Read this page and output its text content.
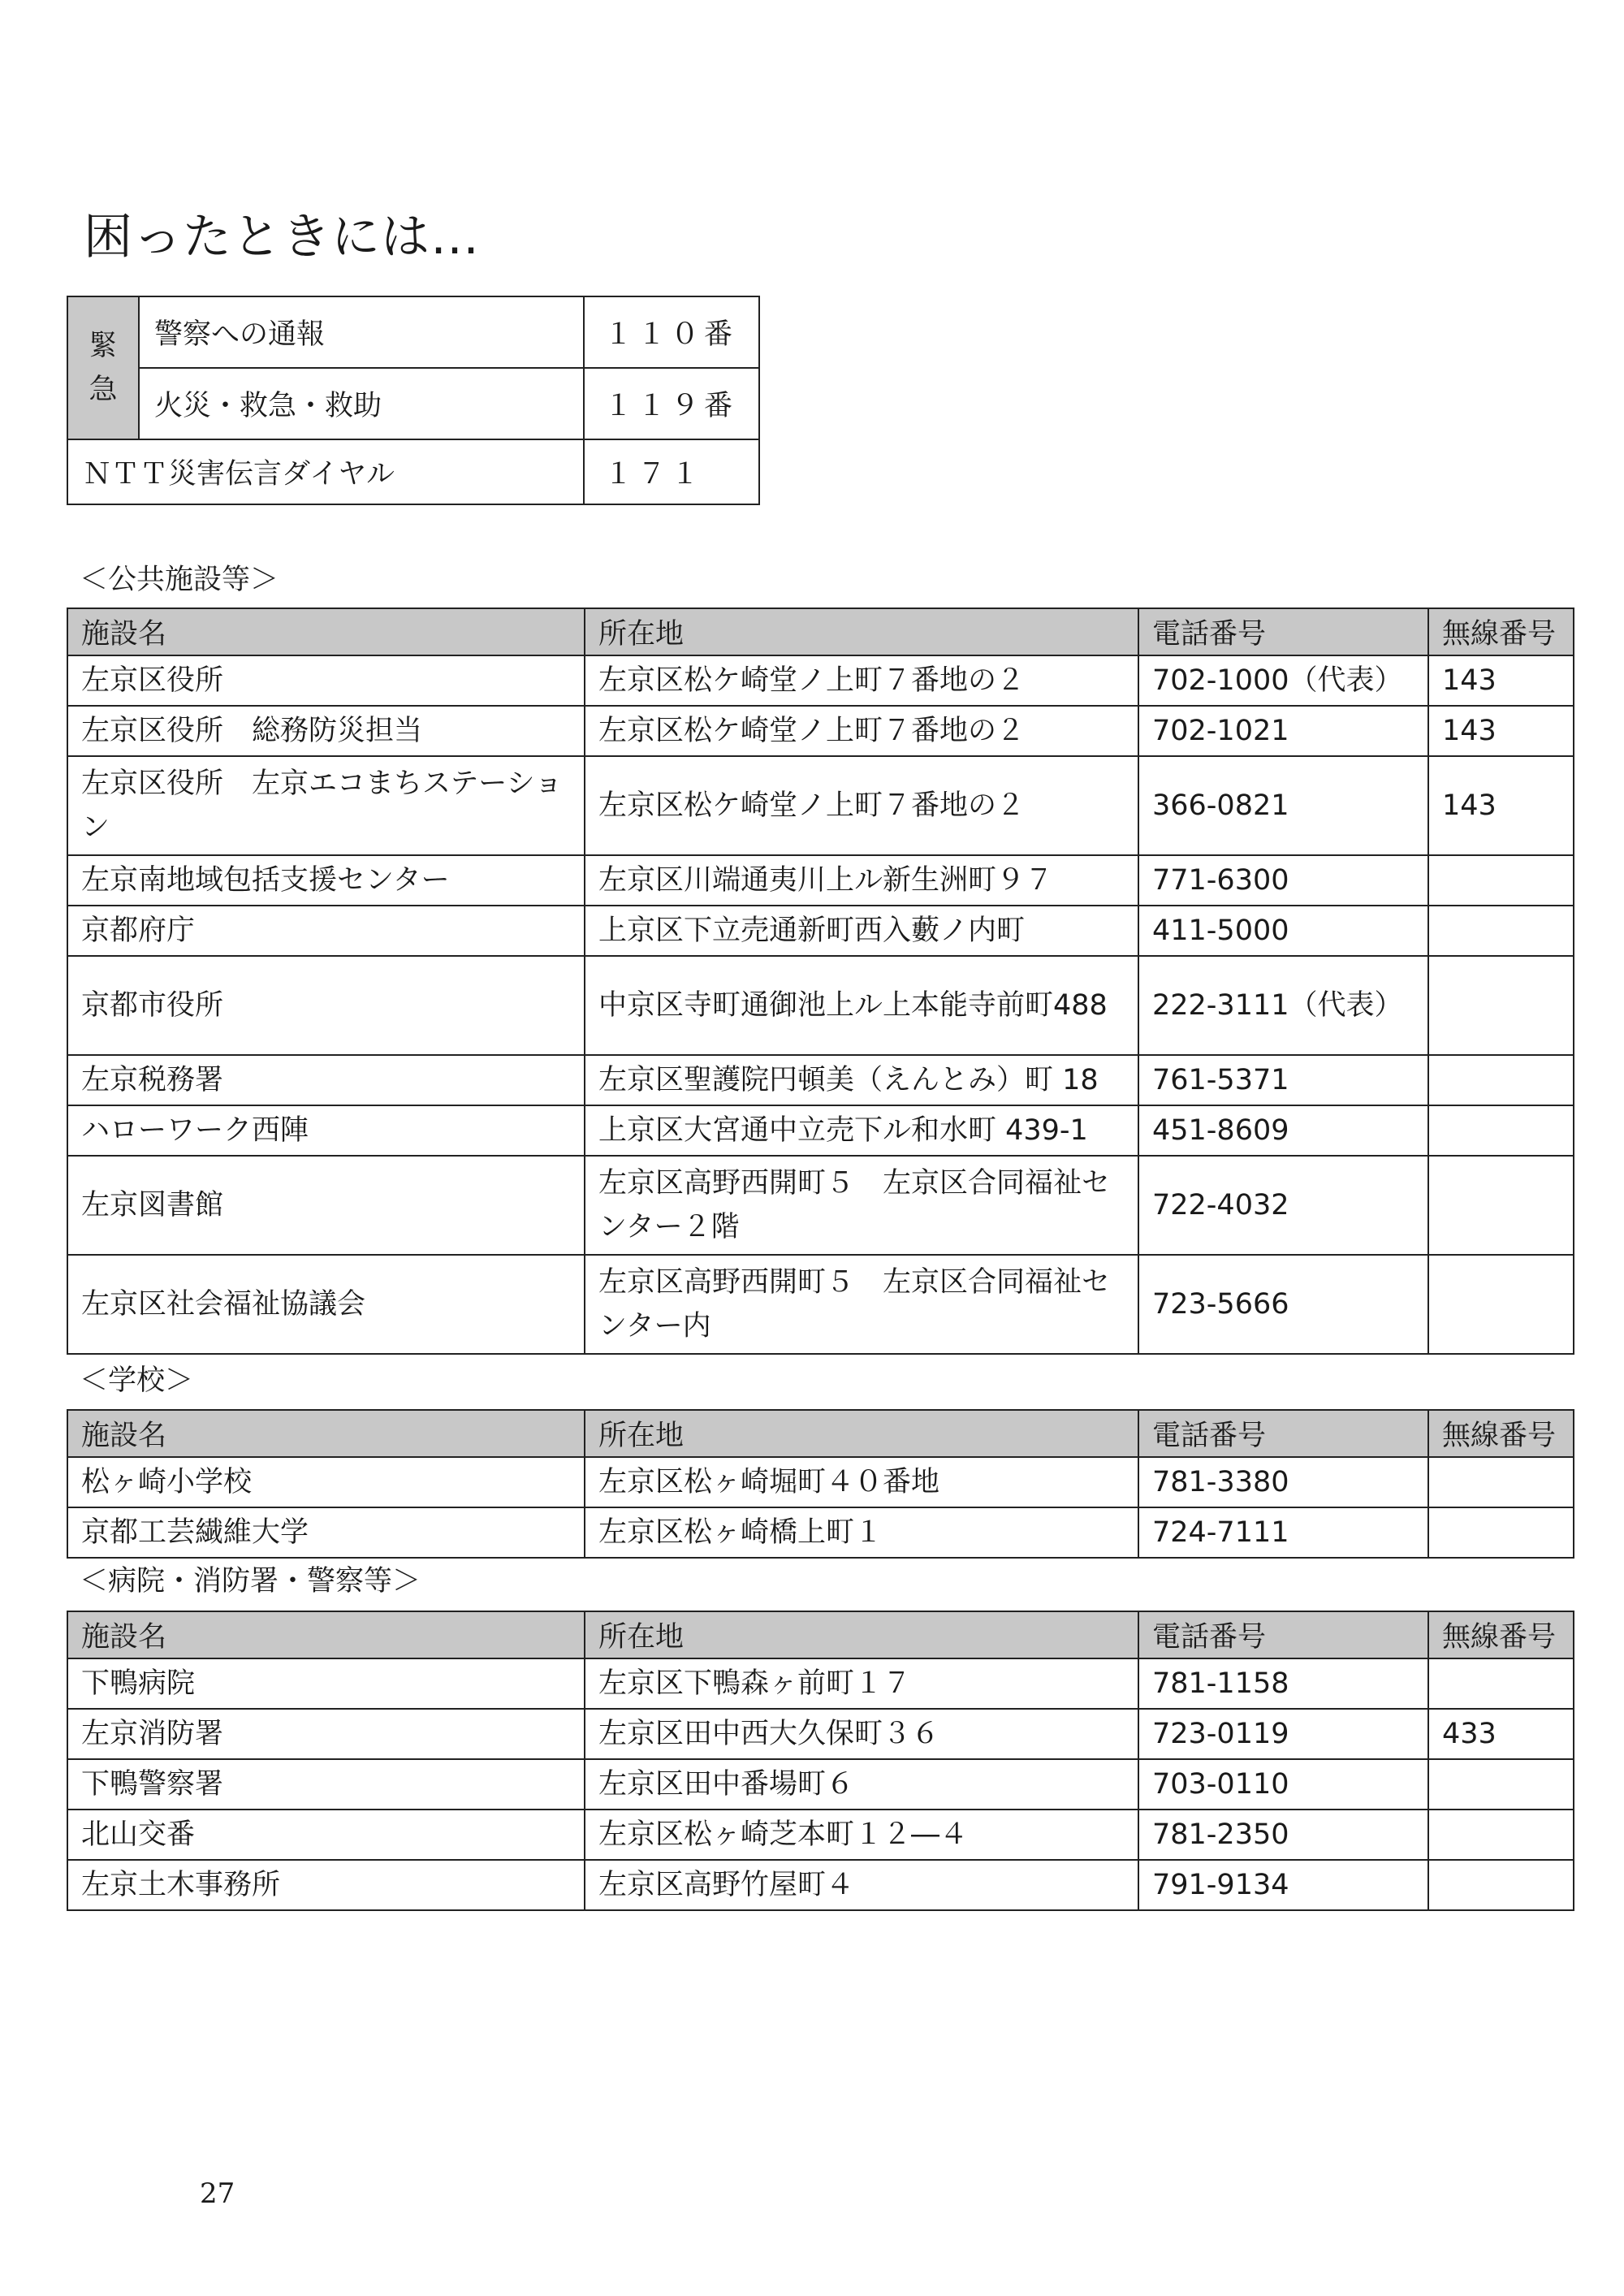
困ったときには…
緊
急	警察への通報	１１０番
	火災・救急・救助	１１９番
ＮＴＴ災害伝言ダイヤル		１７１
＜公共施設等＞
施設名	所在地	電話番号	無線番号
左京区役所	左京区松ケ崎堂ノ上町７番地の２	702-1000（代表）	143
左京区役所　総務防災担当	左京区松ケ崎堂ノ上町７番地の２	702-1021	143
左京区役所　左京エコまちステーション	左京区松ケ崎堂ノ上町７番地の２	366-0821	143
左京南地域包括支援センター	左京区川端通夷川上ル新生洲町９７	771-6300	
京都府庁	上京区下立売通新町西入藪ノ内町	411-5000	
京都市役所	中京区寺町通御池上ル上本能寺前町488	222-3111（代表）	
左京税務署	左京区聖護院円頓美（えんとみ）町 18	761-5371	
ハローワーク西陣	上京区大宮通中立売下ル和水町 439-1	451-8609	
左京図書館	左京区高野西開町５　左京区合同福祉センター２階	722-4032	
左京区社会福祉協議会	左京区高野西開町５　左京区合同福祉センター内	723-5666	
＜学校＞
施設名	所在地	電話番号	無線番号
松ヶ崎小学校	左京区松ヶ崎堀町４０番地	781-3380	
京都工芸繊維大学	左京区松ヶ崎橋上町１	724-7111	
＜病院・消防署・警察等＞
施設名	所在地	電話番号	無線番号
下鴨病院	左京区下鴨森ヶ前町１７	781-1158	
左京消防署	左京区田中西大久保町３６	723-0119	433
下鴨警察署	左京区田中番場町６	703-0110	
北山交番	左京区松ヶ崎芝本町１２―４	781-2350	
左京土木事務所	左京区高野竹屋町４	791-9134	
27
